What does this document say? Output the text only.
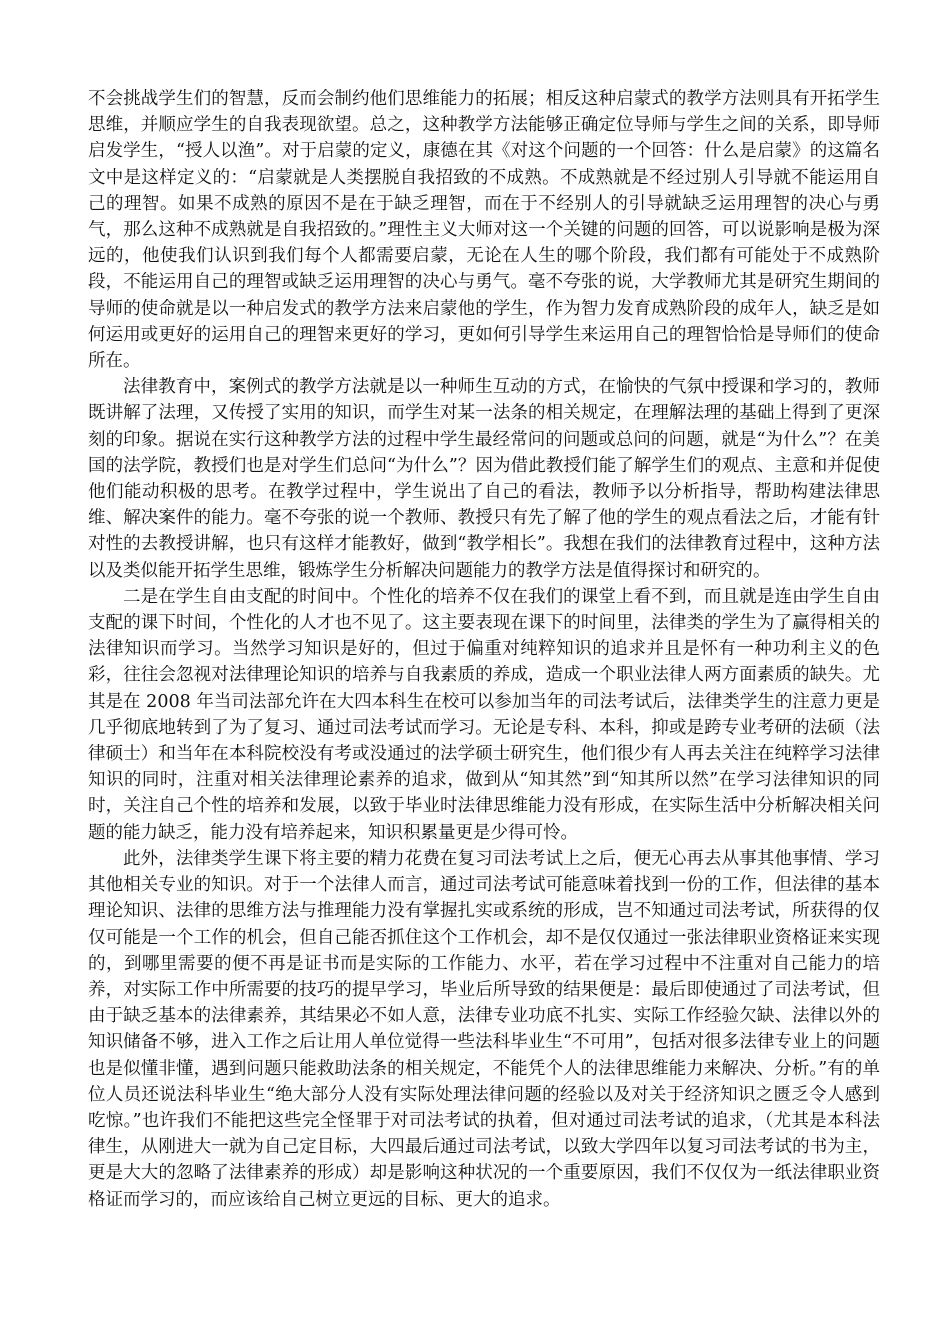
不会挑战学生们的智慧，反而会制约他们思维能力的拓展；相反这种启蒙式的教学方法则具有开拓学生思维，并顺应学生的自我表现欲望。总之，这种教学方法能够正确定位导师与学生之间的关系，即导师启发学生，“授人以渔”。对于启蒙的定义，康德在其《对这个问题的一个回答：什么是启蒙》的这篇名文中是这样定义的：“启蒙就是人类摆脱自我招致的不成熟。不成熟就是不经过别人引导就不能运用自己的理智。如果不成熟的原因不是在于缺乏理智，而在于不经别人的引导就缺乏运用理智的决心与勇气，那么这种不成熟就是自我招致的。”理性主义大师对这一个关键的问题的回答，可以说影响是极为深远的，他使我们认识到我们每个人都需要启蒙，无论在人生的哪个阶段，我们都有可能处于不成熟阶段，不能运用自己的理智或缺乏运用理智的决心与勇气。毫不夸张的说，大学教师尤其是研究生期间的导师的使命就是以一种启发式的教学方法来启蒙他的学生，作为智力发育成熟阶段的成年人，缺乏是如何运用或更好的运用自己的理智来更好的学习，更如何引导学生来运用自己的理智恰恰是导师们的使命所在。

法律教育中，案例式的教学方法就是以一种师生互动的方式，在愉快的气氛中授课和学习的，教师既讲解了法理，又传授了实用的知识，而学生对某一法条的相关规定，在理解法理的基础上得到了更深刻的印象。据说在实行这种教学方法的过程中学生最经常问的问题或总问的问题，就是“为什么”？在美国的法学院，教授们也是对学生们总问“为什么”？因为借此教授们能了解学生们的观点、主意和并促使他们能动积极的思考。在教学过程中，学生说出了自己的看法，教师予以分析指导，帮助构建法律思维、解决案件的能力。毫不夸张的说一个教师、教授只有先了解了他的学生的观点看法之后，才能有针对性的去教授讲解，也只有这样才能教好，做到“教学相长”。我想在我们的法律教育过程中，这种方法以及类似能开拓学生思维，锻炼学生分析解决问题能力的教学方法是值得探讨和研究的。

二是在学生自由支配的时间中。个性化的培养不仅在我们的课堂上看不到，而且就是连由学生自由支配的课下时间，个性化的人才也不见了。这主要表现在课下的时间里，法律类的学生为了赢得相关的法律知识而学习。当然学习知识是好的，但过于偏重对纯粹知识的追求并且是怀有一种功利主义的色彩，往往会忽视对法律理论知识的培养与自我素质的养成，造成一个职业法律人两方面素质的缺失。尤其是在 2008 年当司法部允许在大四本科生在校可以参加当年的司法考试后，法律类学生的注意力更是几乎彻底地转到了为了复习、通过司法考试而学习。无论是专科、本科，抑或是跨专业考研的法硕（法律硕士）和当年在本科院校没有考或没通过的法学硕士研究生，他们很少有人再去关注在纯粹学习法律知识的同时，注重对相关法律理论素养的追求，做到从“知其然”到“知其所以然”在学习法律知识的同时，关注自己个性的培养和发展，以致于毕业时法律思维能力没有形成，在实际生活中分析解决相关问题的能力缺乏，能力没有培养起来，知识积累量更是少得可怜。

此外，法律类学生课下将主要的精力花费在复习司法考试上之后，便无心再去从事其他事情、学习其他相关专业的知识。对于一个法律人而言，通过司法考试可能意味着找到一份的工作，但法律的基本理论知识、法律的思维方法与推理能力没有掌握扎实或系统的形成，岂不知通过司法考试，所获得的仅仅可能是一个工作的机会，但自己能否抓住这个工作机会，却不是仅仅通过一张法律职业资格证来实现的，到哪里需要的便不再是证书而是实际的工作能力、水平，若在学习过程中不注重对自己能力的培养，对实际工作中所需要的技巧的提早学习，毕业后所导致的结果便是：最后即使通过了司法考试，但由于缺乏基本的法律素养，其结果必不如人意，法律专业功底不扎实、实际工作经验欠缺、法律以外的知识储备不够，进入工作之后让用人单位觉得一些法科毕业生“不可用”，包括对很多法律专业上的问题也是似懂非懂，遇到问题只能救助法条的相关规定，不能凭个人的法律思维能力来解决、分析。”有的单位人员还说法科毕业生“绝大部分人没有实际处理法律问题的经验以及对关于经济知识之匮乏令人感到吃惊。”也许我们不能把这些完全怪罪于对司法考试的执着，但对通过司法考试的追求，（尤其是本科法律生，从刚进大一就为自己定目标，大四最后通过司法考试，以致大学四年以复习司法考试的书为主，更是大大的忽略了法律素养的形成）却是影响这种状况的一个重要原因，我们不仅仅为一纸法律职业资格证而学习的，而应该给自己树立更远的目标、更大的追求。
